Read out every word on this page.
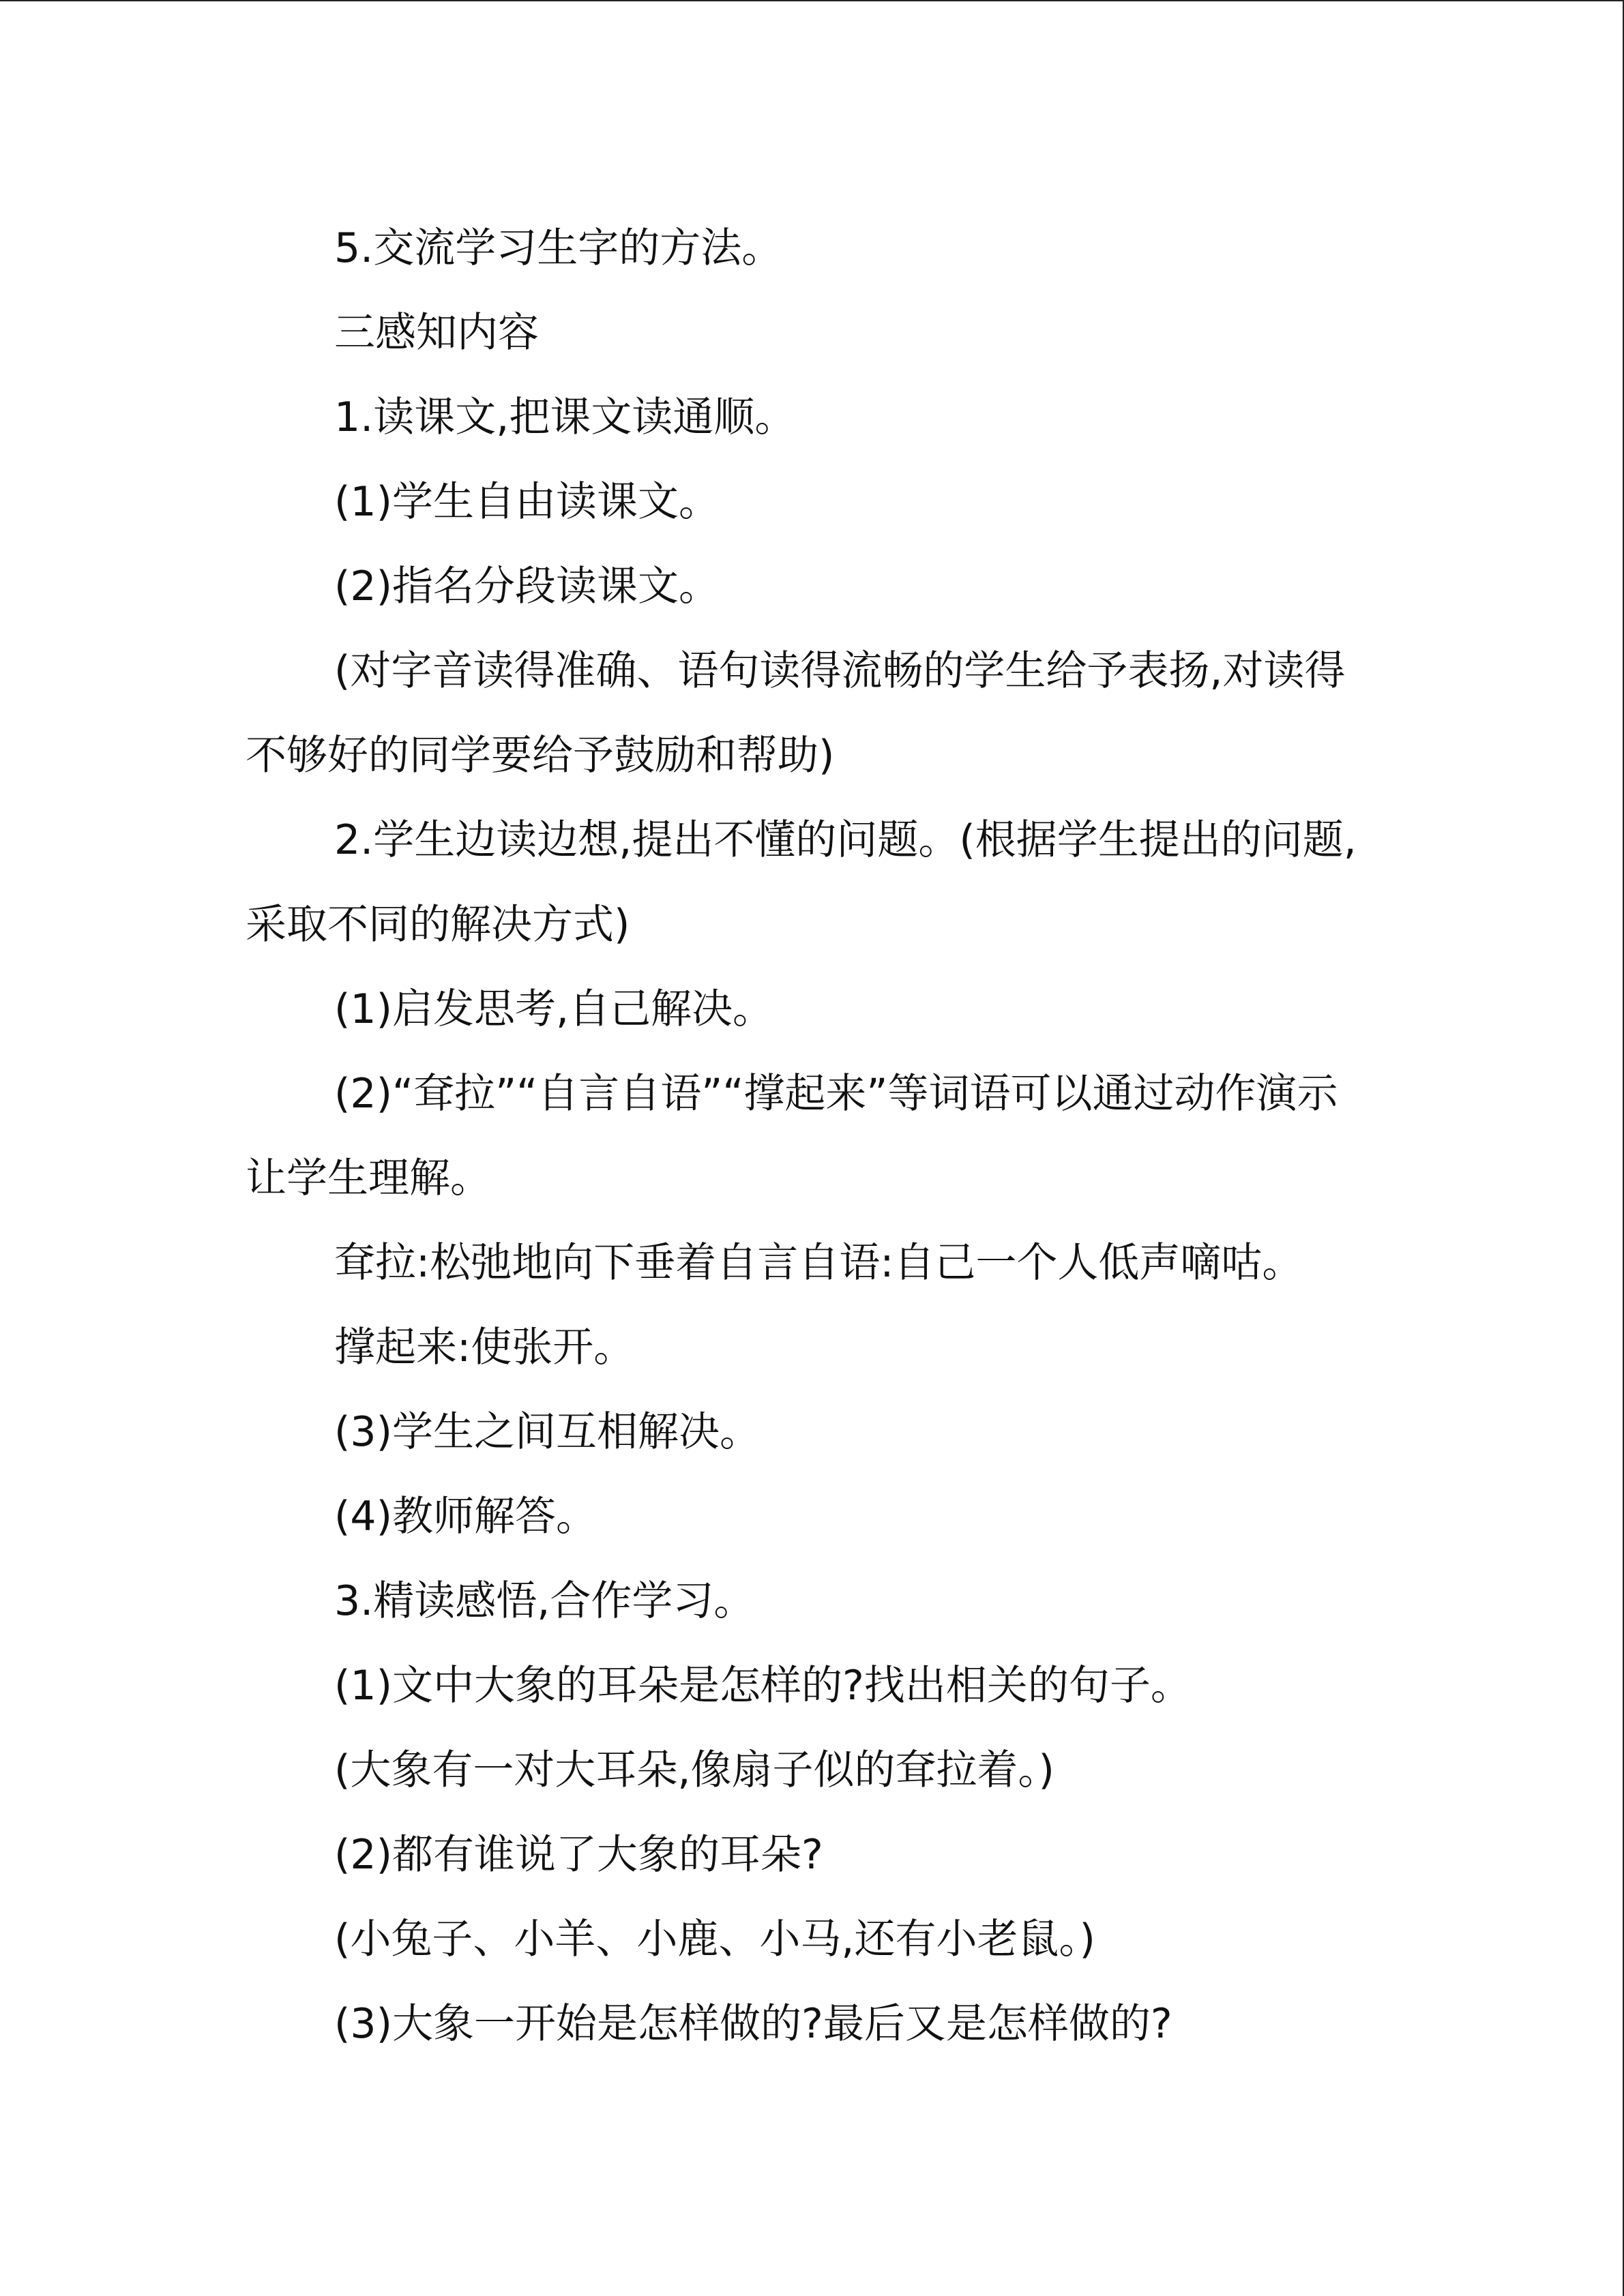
5.交流学习生字的方法。

三感知内容

1.读课文,把课文读通顺。

(1)学生自由读课文。

(2)指名分段读课文。

(对字音读得准确、语句读得流畅的学生给予表扬,对读得不够好的同学要给予鼓励和帮助)

2.学生边读边想,提出不懂的问题。(根据学生提出的问题,采取不同的解决方式)

(1)启发思考,自己解决。

(2)“耷拉”“自言自语”“撑起来”等词语可以通过动作演示让学生理解。

耷拉:松弛地向下垂着自言自语:自己一个人低声嘀咕。

撑起来:使张开。

(3)学生之间互相解决。

(4)教师解答。

3.精读感悟,合作学习。

(1)文中大象的耳朵是怎样的?找出相关的句子。

(大象有一对大耳朵,像扇子似的耷拉着。)

(2)都有谁说了大象的耳朵?

(小兔子、小羊、小鹿、小马,还有小老鼠。)

(3)大象一开始是怎样做的?最后又是怎样做的?
